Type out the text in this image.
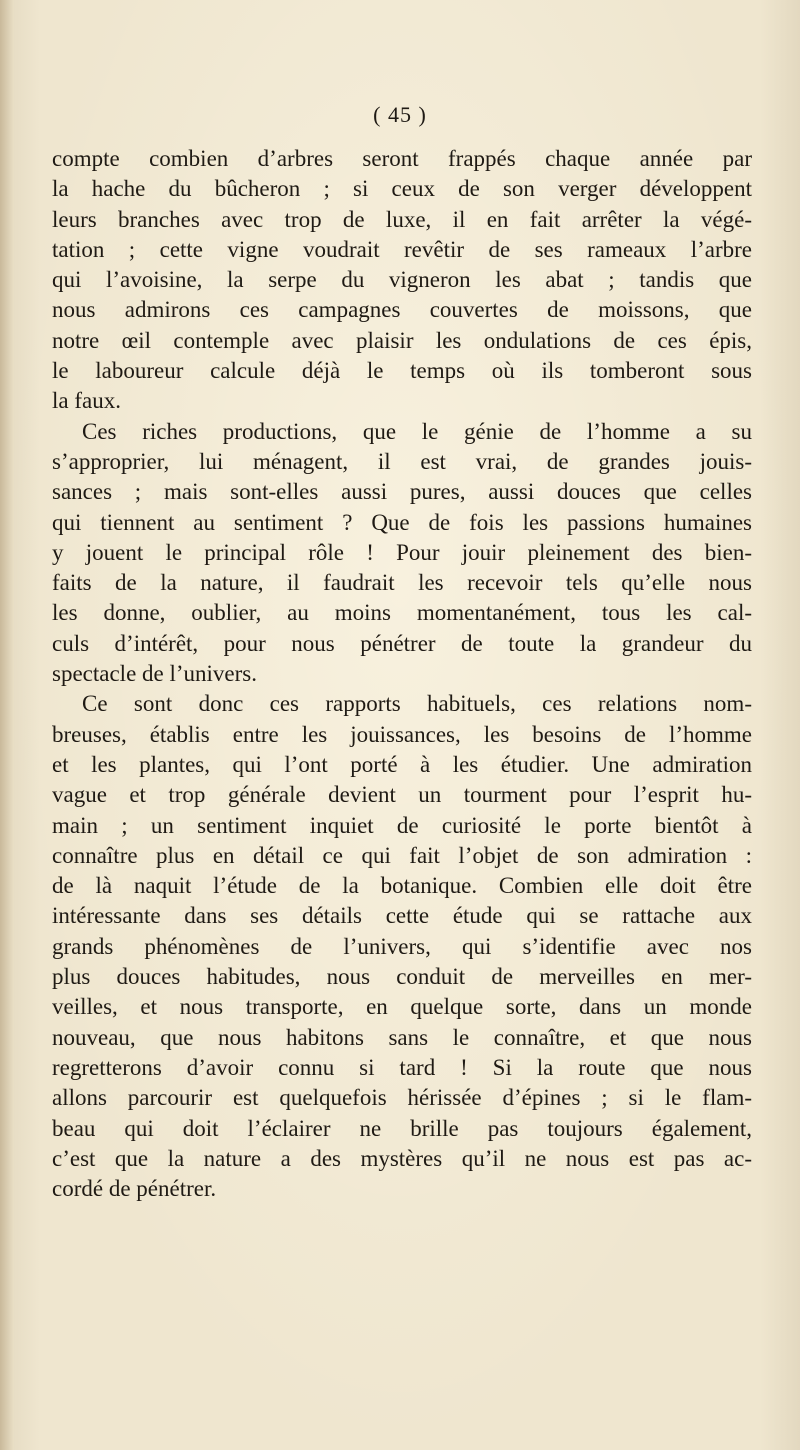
( 45 )
compte combien d’arbres seront frappés chaque année par
la hache du bûcheron ; si ceux de son verger développent
leurs branches avec trop de luxe, il en fait arrêter la végé-
tation ; cette vigne voudrait revêtir de ses rameaux l’arbre
qui l’avoisine, la serpe du vigneron les abat ; tandis que
nous admirons ces campagnes couvertes de moissons, que
notre œil contemple avec plaisir les ondulations de ces épis,
le laboureur calcule déjà le temps où ils tomberont sous
la faux.
Ces riches productions, que le génie de l’homme a su
s’approprier, lui ménagent, il est vrai, de grandes jouis-
sances ; mais sont-elles aussi pures, aussi douces que celles
qui tiennent au sentiment ? Que de fois les passions humaines
y jouent le principal rôle ! Pour jouir pleinement des bien-
faits de la nature, il faudrait les recevoir tels qu’elle nous
les donne, oublier, au moins momentanément, tous les cal-
culs d’intérêt, pour nous pénétrer de toute la grandeur du
spectacle de l’univers.
Ce sont donc ces rapports habituels, ces relations nom-
breuses, établis entre les jouissances, les besoins de l’homme
et les plantes, qui l’ont porté à les étudier. Une admiration
vague et trop générale devient un tourment pour l’esprit hu-
main ; un sentiment inquiet de curiosité le porte bientôt à
connaître plus en détail ce qui fait l’objet de son admiration :
de là naquit l’étude de la botanique. Combien elle doit être
intéressante dans ses détails cette étude qui se rattache aux
grands phénomènes de l’univers, qui s’identifie avec nos
plus douces habitudes, nous conduit de merveilles en mer-
veilles, et nous transporte, en quelque sorte, dans un monde
nouveau, que nous habitons sans le connaître, et que nous
regretterons d’avoir connu si tard ! Si la route que nous
allons parcourir est quelquefois hérissée d’épines ; si le flam-
beau qui doit l’éclairer ne brille pas toujours également,
c’est que la nature a des mystères qu’il ne nous est pas ac-
cordé de pénétrer.
